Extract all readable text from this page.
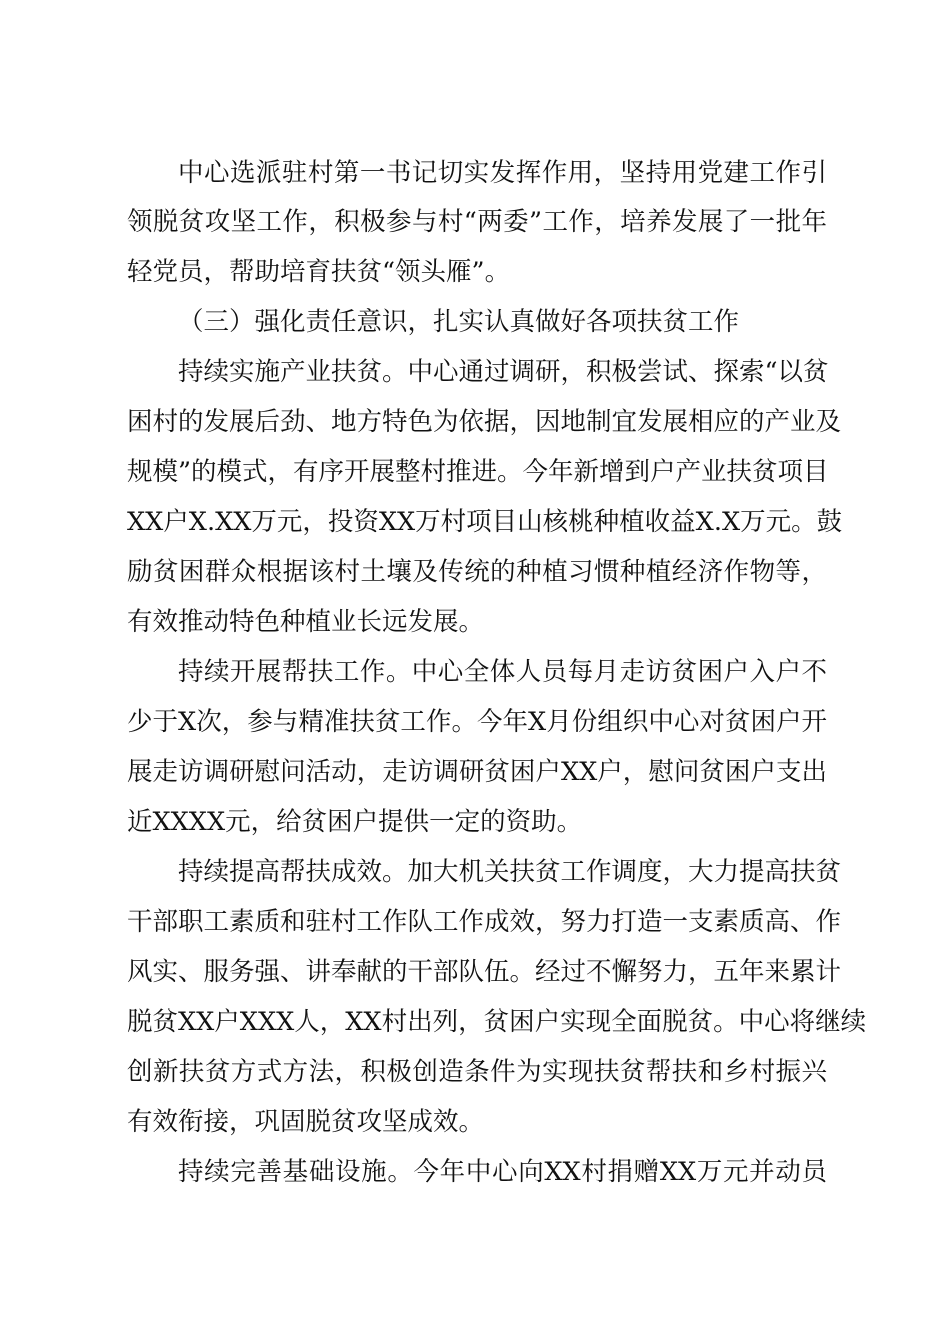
中心选派驻村第一书记切实发挥作用，坚持用党建工作引
领脱贫攻坚工作，积极参与村“两委”工作，培养发展了一批年
轻党员，帮助培育扶贫“领头雁”。
（三）强化责任意识，扎实认真做好各项扶贫工作
持续实施产业扶贫。中心通过调研，积极尝试、探索“以贫
困村的发展后劲、地方特色为依据，因地制宜发展相应的产业及
规模”的模式，有序开展整村推进。今年新增到户产业扶贫项目
XX户X.XX万元，投资XX万村项目山核桃种植收益X.X万元。鼓
励贫困群众根据该村土壤及传统的种植习惯种植经济作物等，
有效推动特色种植业长远发展。
持续开展帮扶工作。中心全体人员每月走访贫困户入户不
少于X次，参与精准扶贫工作。今年X月份组织中心对贫困户开
展走访调研慰问活动，走访调研贫困户XX户，慰问贫困户支出
近XXXX元，给贫困户提供一定的资助。
持续提高帮扶成效。加大机关扶贫工作调度，大力提高扶贫
干部职工素质和驻村工作队工作成效，努力打造一支素质高、作
风实、服务强、讲奉献的干部队伍。经过不懈努力，五年来累计
脱贫XX户XXX人，XX村出列，贫困户实现全面脱贫。中心将继续
创新扶贫方式方法，积极创造条件为实现扶贫帮扶和乡村振兴
有效衔接，巩固脱贫攻坚成效。
持续完善基础设施。今年中心向XX村捐赠XX万元并动员
